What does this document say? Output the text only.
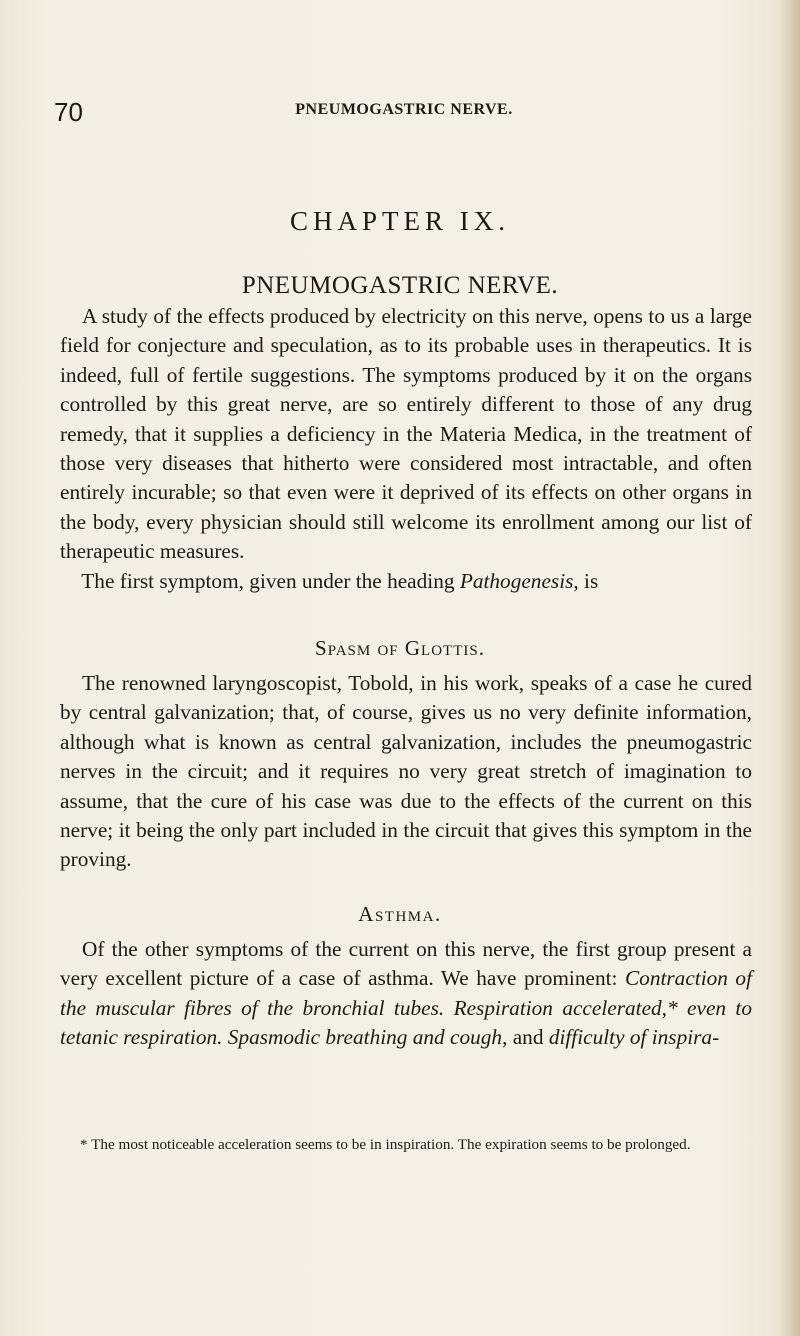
70	PNEUMOGASTRIC NERVE.
CHAPTER IX.
PNEUMOGASTRIC NERVE.

A study of the effects produced by electricity on this nerve, opens to us a large field for conjecture and speculation, as to its probable uses in therapeutics. It is indeed, full of fertile suggestions. The symptoms produced by it on the organs controlled by this great nerve, are so entirely different to those of any drug remedy, that it supplies a deficiency in the Materia Medica, in the treatment of those very diseases that hitherto were considered most intractable, and often entirely incurable; so that even were it deprived of its effects on other organs in the body, every physician should still welcome its enrollment among our list of therapeutic measures.
  The first symptom, given under the heading Pathogenesis, is

Spasm of Glottis.

The renowned laryngoscopist, Tobold, in his work, speaks of a case he cured by central galvanization; that, of course, gives us no very definite information, although what is known as central galvanization, includes the pneumogastric nerves in the circuit; and it requires no very great stretch of imagination to assume, that the cure of his case was due to the effects of the current on this nerve; it being the only part included in the circuit that gives this symptom in the proving.

Asthma.

Of the other symptoms of the current on this nerve, the first group present a very excellent picture of a case of asthma. We have prominent: Contraction of the muscular fibres of the bronchial tubes. Respiration accelerated,* even to tetanic respiration. Spasmodic breathing and cough, and difficulty of inspira-

* The most noticeable acceleration seems to be in inspiration. The expiration seems to be prolonged.
